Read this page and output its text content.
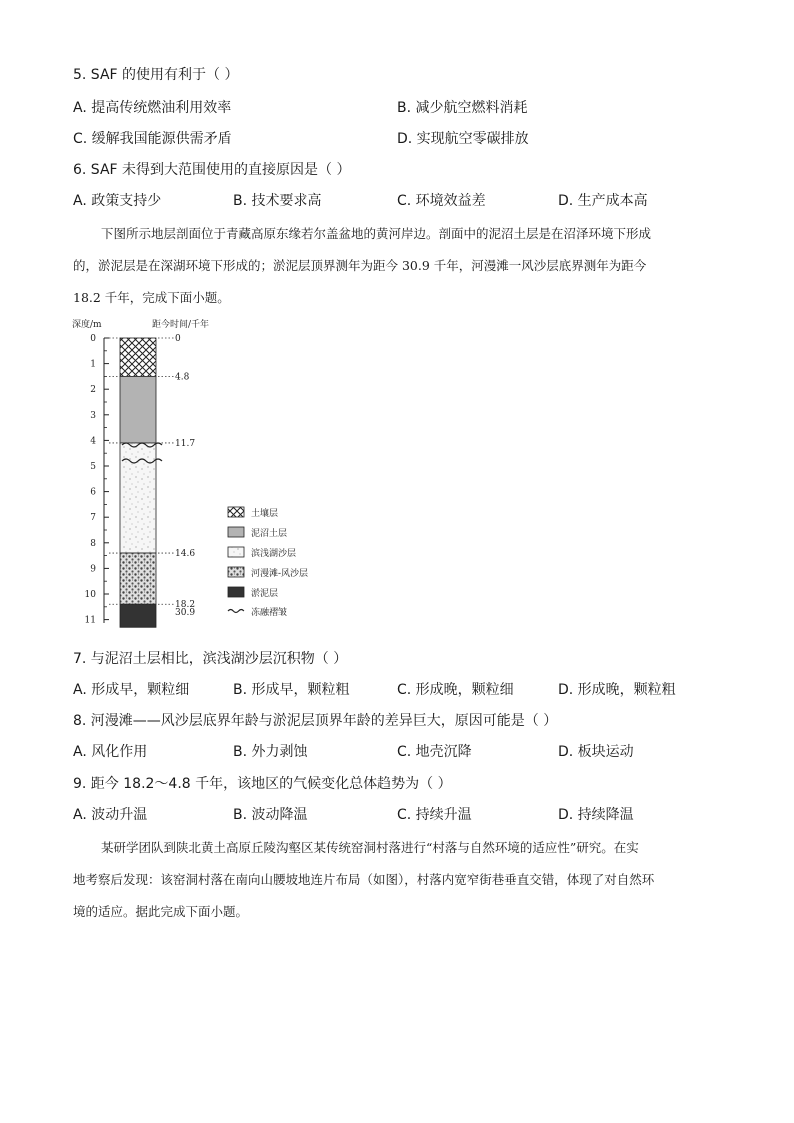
5. SAF 的使用有利于（ ）
A. 提高传统燃油利用效率	B. 减少航空燃料消耗
C. 缓解我国能源供需矛盾	D. 实现航空零碳排放
6. SAF 未得到大范围使用的直接原因是（ ）
A. 政策支持少	B. 技术要求高	C. 环境效益差	D. 生产成本高
下图所示地层剖面位于青藏高原东缘若尔盖盆地的黄河岸边。剖面中的泥沼土层是在沼泽环境下形成
的，淤泥层是在深湖环境下形成的；淤泥层顶界测年为距今 30.9 千年，河漫滩一风沙层底界测年为距今
18.2 千年，完成下面小题。
深度/m	距今时间/千年
0
1
2
3
4
5
6
7
8
9
10
11
0
4.8
11.7
14.6
18.2
30.9
土壤层
泥沼土层
滨浅湖沙层
河漫滩-风沙层
淤泥层
冻融褶皱
7. 与泥沼土层相比，滨浅湖沙层沉积物（ ）
A. 形成早，颗粒细	B. 形成早，颗粒粗	C. 形成晚，颗粒细	D. 形成晚，颗粒粗
8. 河漫滩——风沙层底界年龄与淤泥层顶界年龄的差异巨大，原因可能是（ ）
A. 风化作用	B. 外力剥蚀	C. 地壳沉降	D. 板块运动
9. 距今 18.2～4.8 千年，该地区的气候变化总体趋势为（ ）
A. 波动升温	B. 波动降温	C. 持续升温	D. 持续降温
某研学团队到陕北黄土高原丘陵沟壑区某传统窑洞村落进行“村落与自然环境的适应性”研究。在实
地考察后发现：该窑洞村落在南向山腰坡地连片布局（如图），村落内宽窄街巷垂直交错，体现了对自然环
境的适应。据此完成下面小题。
